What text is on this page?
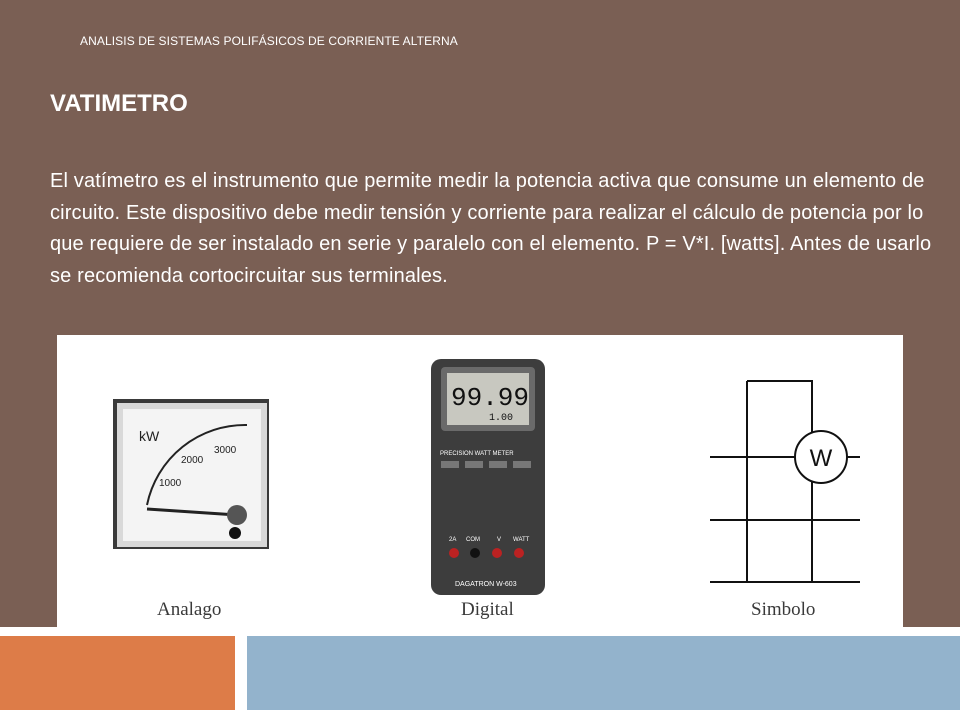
ANALISIS DE SISTEMAS POLIFÁSICOS DE CORRIENTE ALTERNA
VATIMETRO

El vatímetro es el instrumento que permite medir la potencia activa que consume un elemento de circuito. Este dispositivo debe medir tensión y corriente para realizar el cálculo de potencia por lo que requiere de ser instalado en serie y paralelo con el elemento. P = V*I. [watts]. Antes de usarlo se recomienda cortocircuitar sus terminales.

kW
1000
2000
3000
Analago
99.99
1.00
PRECISION WATT METER
2A COM	V WATT
DAGATRON W-603
Digital
W
Simbolo
